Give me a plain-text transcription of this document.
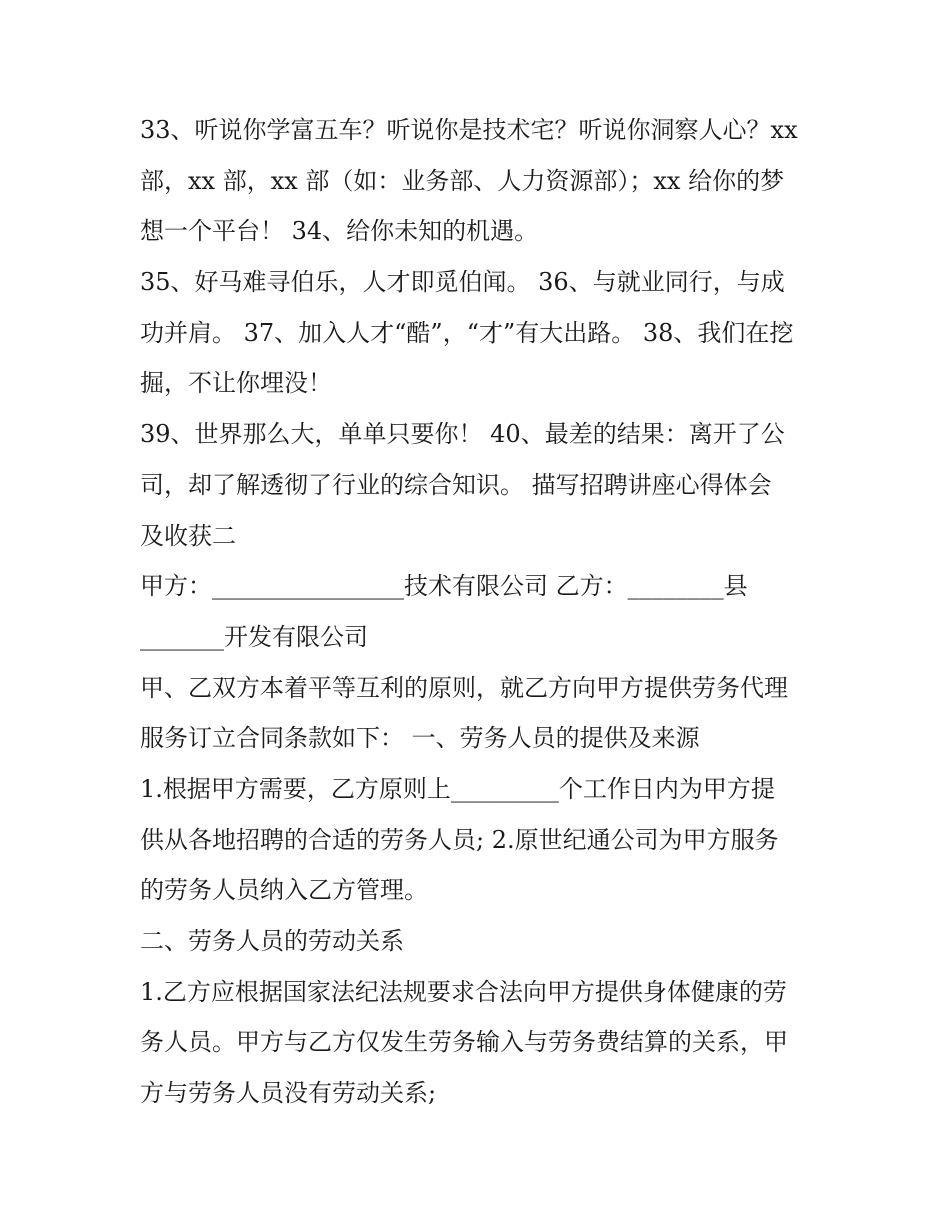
33、听说你学富五车？听说你是技术宅？听说你洞察人心？xx
部，xx 部，xx 部（如：业务部、人力资源部）；xx 给你的梦
想一个平台！ 34、给你未知的机遇。
35、好马难寻伯乐，人才即觅伯闻。 36、与就业同行，与成
功并肩。 37、加入人才“酷”，“才”有大出路。 38、我们在挖
掘，不让你埋没！
39、世界那么大，单单只要你！ 40、最差的结果：离开了公
司，却了解透彻了行业的综合知识。 描写招聘讲座心得体会
及收获二
甲方：________________技术有限公司 乙方：________县
_______开发有限公司
甲、乙双方本着平等互利的原则，就乙方向甲方提供劳务代理
服务订立合同条款如下： 一、劳务人员的提供及来源
1.根据甲方需要，乙方原则上_________个工作日内为甲方提
供从各地招聘的合适的劳务人员; 2.原世纪通公司为甲方服务
的劳务人员纳入乙方管理。
二、劳务人员的劳动关系
1.乙方应根据国家法纪法规要求合法向甲方提供身体健康的劳
务人员。甲方与乙方仅发生劳务输入与劳务费结算的关系，甲
方与劳务人员没有劳动关系;
